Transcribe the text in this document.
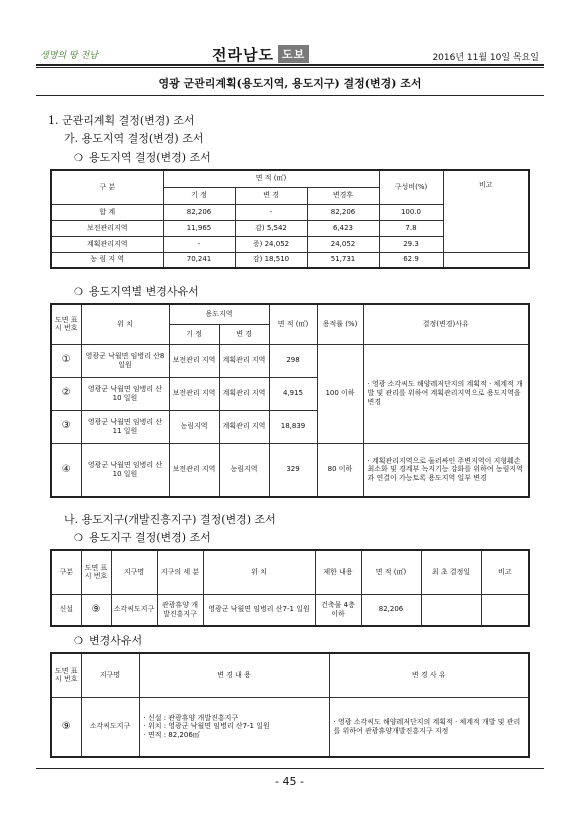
생명의 땅 전남	전라남도 도보	2016년 11월 10일 목요일
영광 군관리계획(용도지역, 용도지구) 결정(변경) 조서
1. 군관리계획 결정(변경) 조서
가. 용도지역 결정(변경) 조서
❍ 용도지역 결정(변경) 조서
구 분	면 적 (㎡)			구성비(%)	비고
	기 정	변 경	변경후		
합 계	82,206	-	82,206	100.0	
보전관리지역	11,965	감) 5,542	6,423	7.8	
계획관리지역	-	증) 24,052	24,052	29.3	
농 림 지 역	70,241	감) 18,510	51,731	62.9	
❍ 용도지역별 변경사유서
도면 표시 번호	위 치	용도지역		면 적 (㎡)	용적률 (%)	결정(변경)사유
		기 정	변 경			
①	영광군 낙월면 임병리 산8 일원	보전관리 지역	계획관리 지역	298	100 이하	· 영광 소각씨도 해양레저단지의 계획적 · 체계적 개발 및 관리를 위하여 계획관리지역으로 용도지역을 변경
②	영광군 낙월면 임병리 산10 일원	보전관리 지역	계획관리 지역	4,915		
③	영광군 낙월면 임병리 산11 일원	농림지역	계획관리 지역	18,839		
④	영광군 낙월면 임병리 산10 일원	보전관리 지역	농림지역	329	80 이하	· 계획관리지역으로 둘러싸인 주변지역이 지형훼손 최소화 및 경계부 녹지기능 강화를 위하여 농림지역과 연결이 가능토록 용도지역 일부 변경
나. 용도지구(개발진흥지구) 결정(변경) 조서
❍ 용도지구 결정(변경) 조서
구분	도면 표시 번호	지구명	지구의 세 분	위 치	제한 내용	면 적 (㎡)	최 초 결정일	비고
신설	⑨	소각씨도지구	관광휴양 개발진흥지구	영광군 낙월면 임병리 산7-1 일원	건축물 4층 이하	82,206		
❍ 변경사유서
도면 표시 번호	지구명	변 경 내 용	변 경 사 유
⑨	소각씨도지구	· 신설 : 관광휴양 개발진흥지구
· 위치 : 영광군 낙월면 임병리 산7-1 일원
· 면적 : 82,206㎡	· 영광 소각씨도 해양레저단지의 계획적 · 체계적 개발 및 관리를 위하여 관광휴양개발진흥지구 지정
- 45 -
